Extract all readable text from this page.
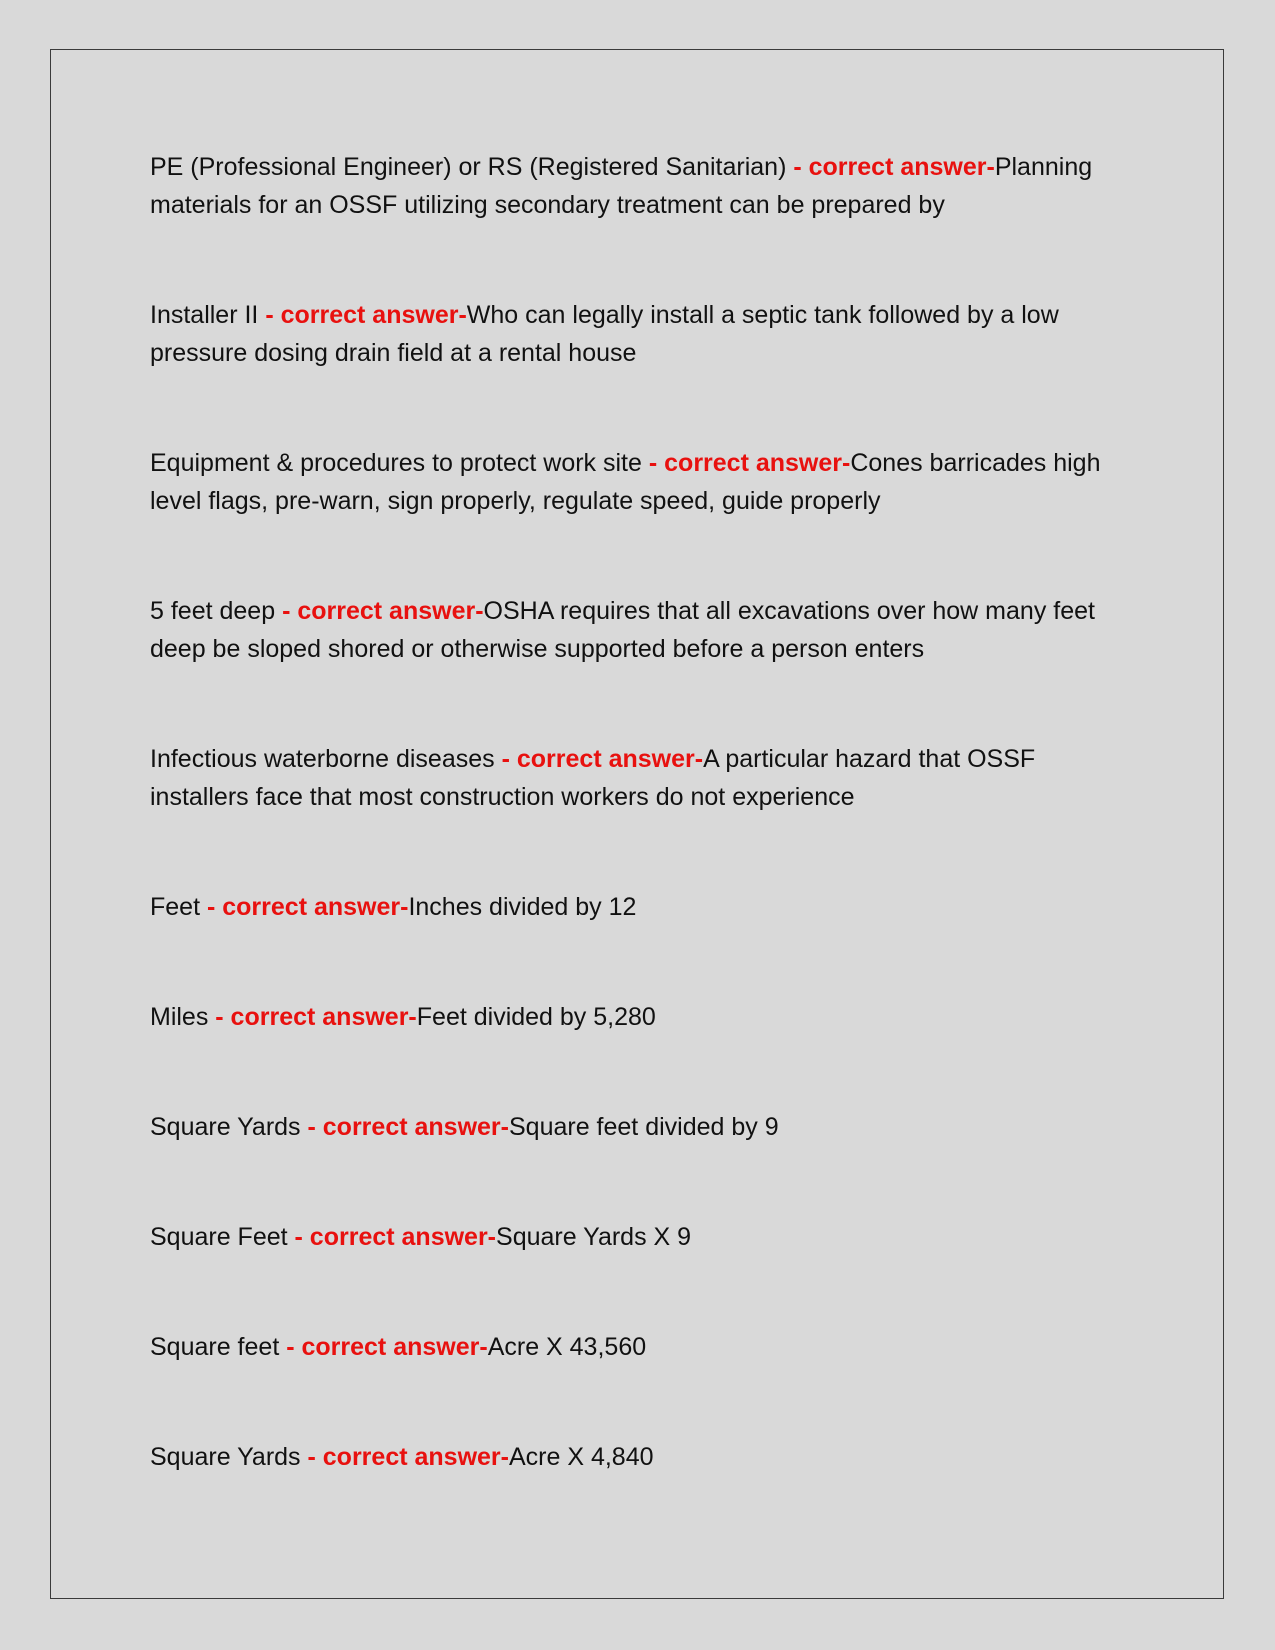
PE (Professional Engineer) or RS (Registered Sanitarian) - correct answer-Planning materials for an OSSF utilizing secondary treatment can be prepared by

Installer II - correct answer-Who can legally install a septic tank followed by a low pressure dosing drain field at a rental house

Equipment & procedures to protect work site - correct answer-Cones barricades high level flags, pre-warn, sign properly, regulate speed, guide properly

5 feet deep - correct answer-OSHA requires that all excavations over how many feet deep be sloped shored or otherwise supported before a person enters

Infectious waterborne diseases - correct answer-A particular hazard that OSSF installers face that most construction workers do not experience

Feet - correct answer-Inches divided by 12

Miles - correct answer-Feet divided by 5,280

Square Yards - correct answer-Square feet divided by 9

Square Feet - correct answer-Square Yards X 9

Square feet - correct answer-Acre X 43,560

Square Yards - correct answer-Acre X 4,840
